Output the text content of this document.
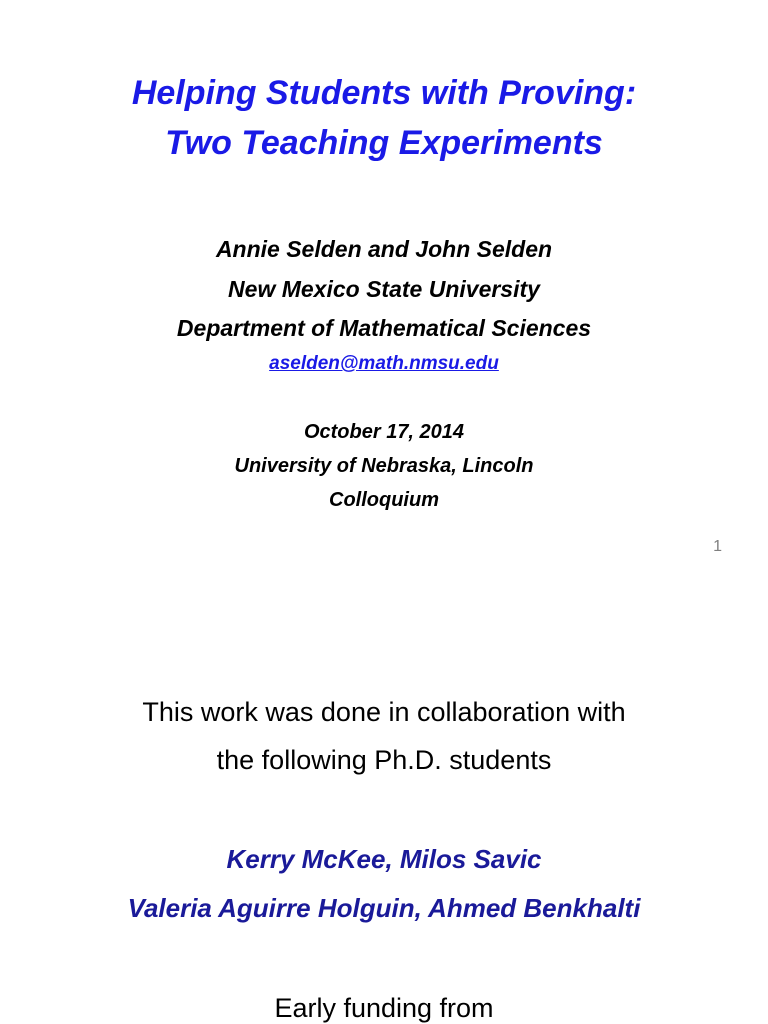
Helping Students with Proving:
Two Teaching Experiments
Annie Selden and John Selden
New Mexico State University
Department of Mathematical Sciences
aselden@math.nmsu.edu
October 17, 2014
University of Nebraska, Lincoln
Colloquium
1
This work was done in collaboration with
the following Ph.D. students
Kerry McKee, Milos Savic
Valeria Aguirre Holguin, Ahmed Benkhalti
Early funding from
